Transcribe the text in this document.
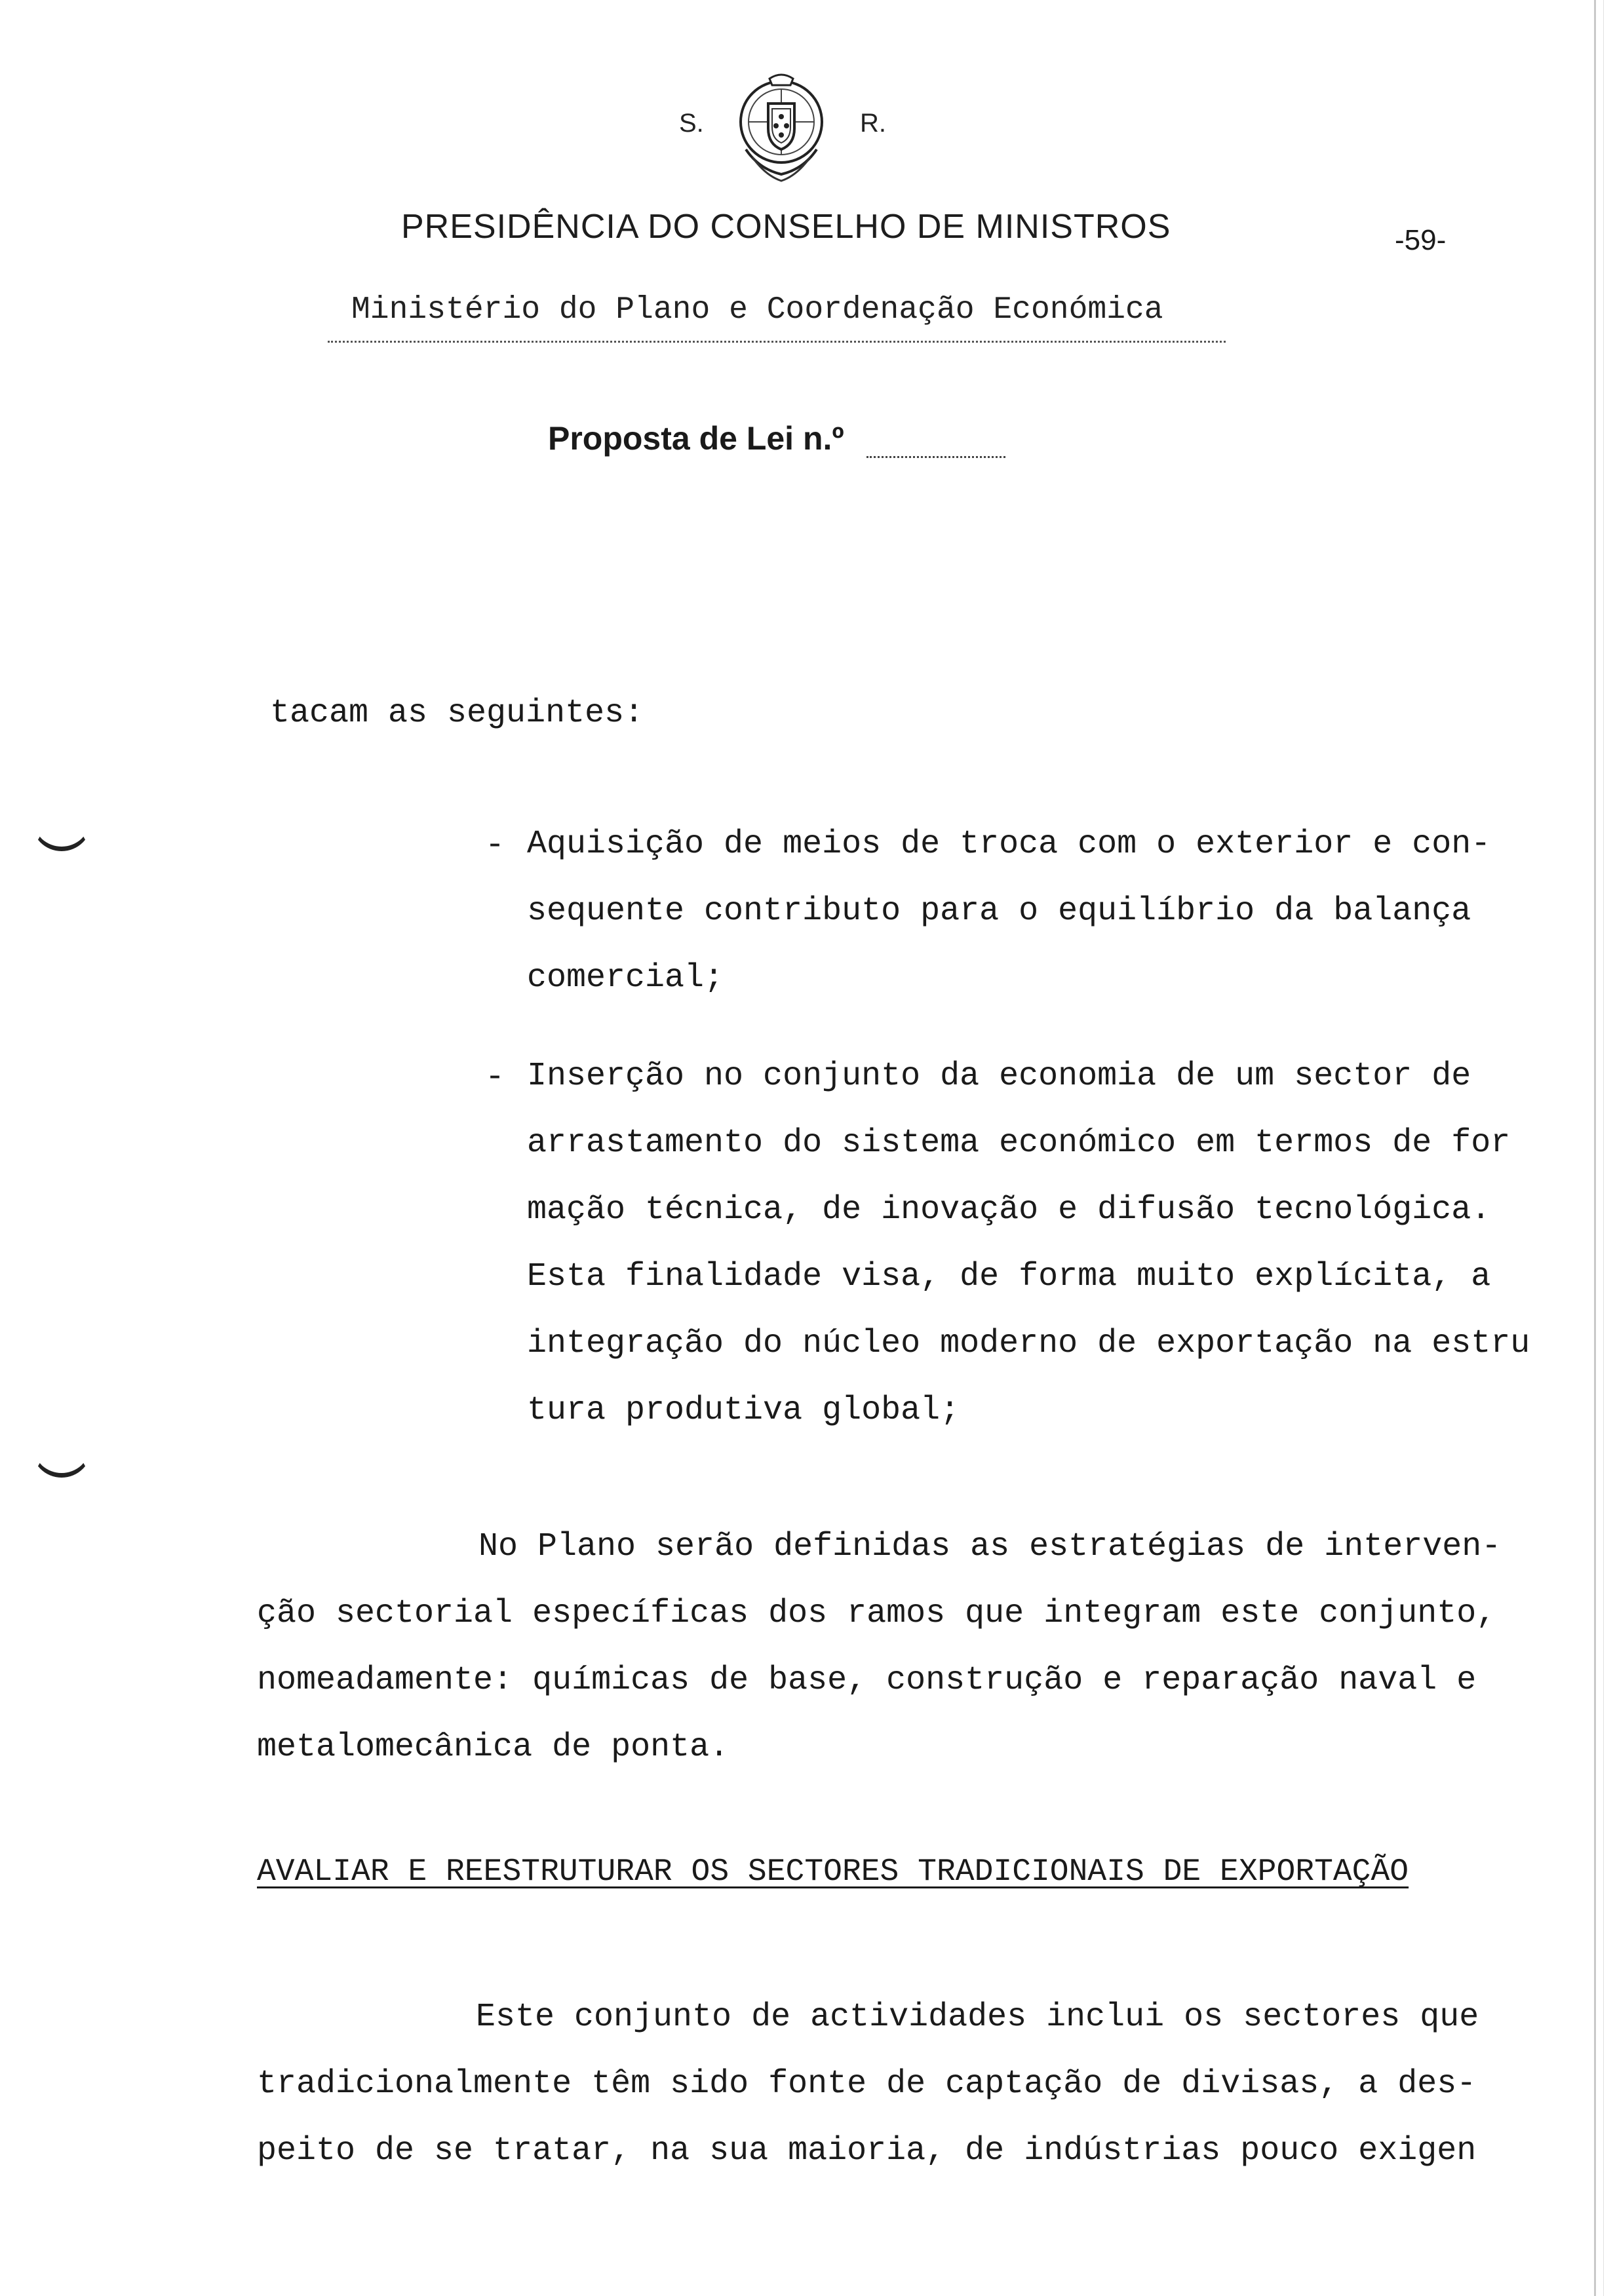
S.	R.
PRESIDÊNCIA DO CONSELHO DE MINISTROS	-59-
Ministério do Plano e Coordenação Económica
Proposta de Lei n.º
tacam as seguintes:
- Aquisição de meios de troca com o exterior e con-
sequente contributo para o equilíbrio da balança
comercial;
- Inserção no conjunto da economia de um sector de
arrastamento do sistema económico em termos de for
mação técnica, de inovação e difusão tecnológica.
Esta finalidade visa, de forma muito explícita, a
integração do núcleo moderno de exportação na estru
tura produtiva global;
No Plano serão definidas as estratégias de interven-
ção sectorial específicas dos ramos que integram este conjunto,
nomeadamente: químicas de base, construção e reparação naval e
metalomecânica de ponta.
AVALIAR E REESTRUTURAR OS SECTORES TRADICIONAIS DE EXPORTAÇÃO
Este conjunto de actividades inclui os sectores que
tradicionalmente têm sido fonte de captação de divisas, a des-
peito de se tratar, na sua maioria, de indústrias pouco exigen
